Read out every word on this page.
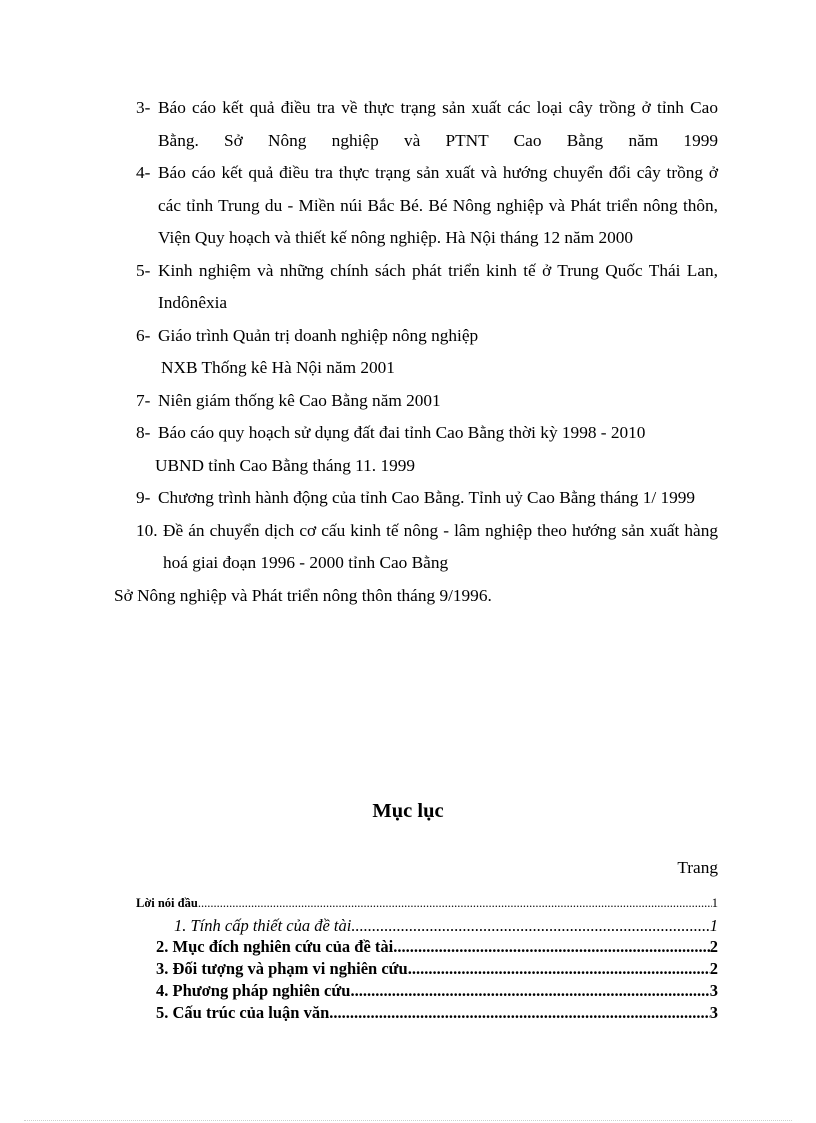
3- Báo cáo kết quả điều tra về thực trạng sản xuất các loại cây trồng ở tỉnh Cao Bằng. Sở Nông nghiệp và PTNT Cao Bằng năm 1999
4- Báo cáo kết quả điều tra thực trạng sản xuất và hướng chuyển đổi cây trồng ở các tỉnh Trung du - Miền núi Bắc Bé. Bé Nông nghiệp và Phát triển nông thôn, Viện Quy hoạch và thiết kế nông nghiệp. Hà Nội tháng 12 năm 2000
5- Kinh nghiệm và những chính sách phát triển kinh tế ở Trung Quốc Thái Lan, Indônêxia
6- Giáo trình Quản trị doanh nghiệp nông nghiệp
NXB Thống kê Hà Nội năm 2001
7- Niên giám thống kê Cao Bằng năm 2001
8- Báo cáo quy hoạch sử dụng đất đai tỉnh Cao Bằng thời kỳ 1998 - 2010
UBND tỉnh Cao Bằng tháng 11. 1999
9- Chương trình hành động của tỉnh Cao Bằng. Tỉnh uỷ Cao Bằng tháng 1/ 1999
10. Đề án chuyển dịch cơ cấu kinh tế nông - lâm nghiệp theo hướng sản xuất hàng hoá giai đoạn 1996 - 2000 tỉnh Cao Bằng
Sở Nông nghiệp và Phát triển nông thôn tháng 9/1996.
Mục lục
Trang
Lời nói đầu .....	1
1. Tính cấp thiết của đề tài. .....	1
2. Mục đích nghiên cứu của đề tài. .....	2
3. Đối tượng và phạm vi nghiên cứu. .....	2
4. Phương pháp nghiên cứu. .....	3
5. Cấu trúc của luận văn. .....	3
